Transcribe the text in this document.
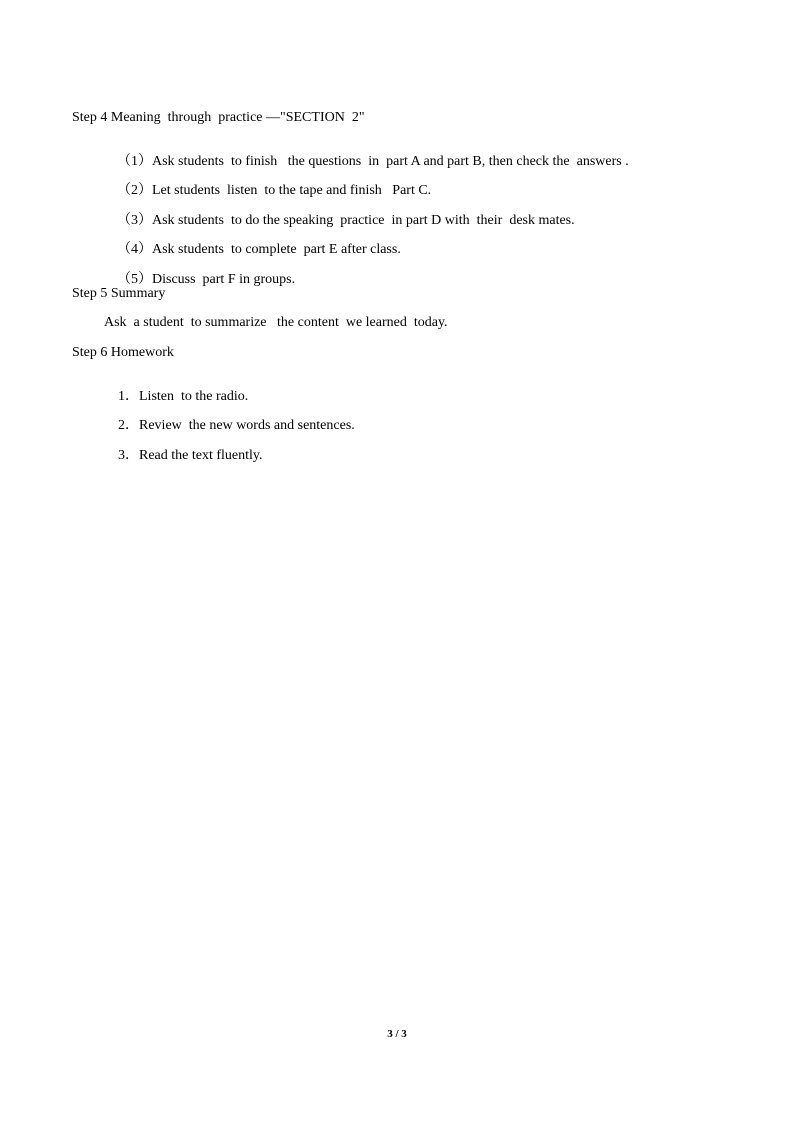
Step 4 Meaning  through  practice —"SECTION  2"

（1）Ask students  to finish   the questions  in  part A and part B, then check the  answers .

（2）Let students  listen  to the tape and finish   Part C.

（3）Ask students  to do the speaking  practice  in part D with  their  desk mates.

（4）Ask students  to complete  part E after class.

（5）Discuss  part F in groups.

Step 5 Summary
Ask  a student  to summarize   the content  we learned  today.
Step 6 Homework

1．Listen  to the radio.

2．Review  the new words and sentences.

3．Read the text fluently.

3 / 3
